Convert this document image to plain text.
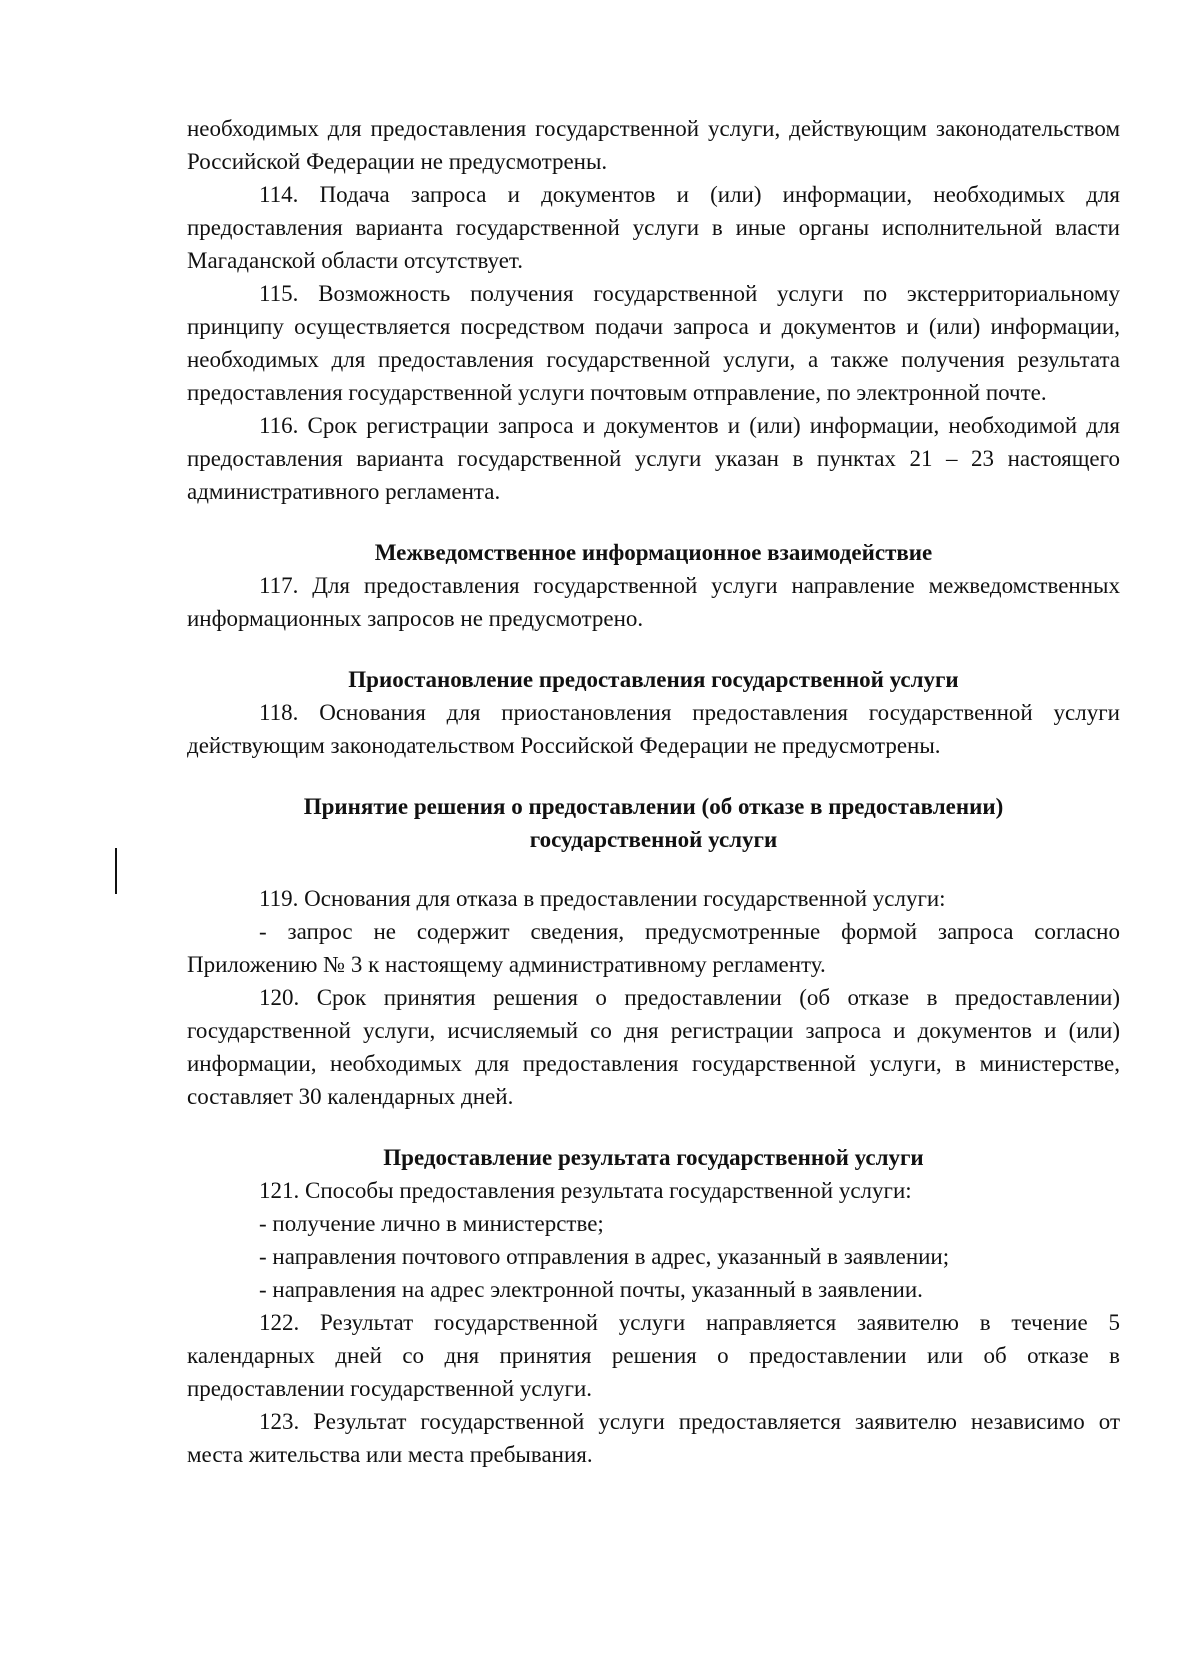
необходимых для предоставления государственной услуги, действующим законодательством Российской Федерации не предусмотрены.

114. Подача запроса и документов и (или) информации, необходимых для предоставления варианта государственной услуги в иные органы исполнительной власти Магаданской области отсутствует.

115. Возможность получения государственной услуги по экстерриториальному принципу осуществляется посредством подачи запроса и документов и (или) информации, необходимых для предоставления государственной услуги, а также получения результата предоставления государственной услуги почтовым отправление, по электронной почте.

116. Срок регистрации запроса и документов и (или) информации, необходимой для предоставления варианта государственной услуги указан в пунктах 21 – 23 настоящего административного регламента.

Межведомственное информационное взаимодействие

117. Для предоставления государственной услуги направление межведомственных информационных запросов не предусмотрено.

Приостановление предоставления государственной услуги

118. Основания для приостановления предоставления государственной услуги действующим законодательством Российской Федерации не предусмотрены.

Принятие решения о предоставлении (об отказе в предоставлении)
государственной услуги

119. Основания для отказа в предоставлении государственной услуги:

- запрос не содержит сведения, предусмотренные формой запроса согласно Приложению № 3 к настоящему административному регламенту.

120. Срок принятия решения о предоставлении (об отказе в предоставлении) государственной услуги, исчисляемый со дня регистрации запроса и документов и (или) информации, необходимых для предоставления государственной услуги, в министерстве, составляет 30 календарных дней.

Предоставление результата государственной услуги

121. Способы предоставления результата государственной услуги:

- получение лично в министерстве;

- направления почтового отправления в адрес, указанный в заявлении;

- направления на адрес электронной почты, указанный в заявлении.

122. Результат государственной услуги направляется заявителю в течение 5 календарных дней со дня принятия решения о предоставлении или об отказе в предоставлении государственной услуги.

123. Результат государственной услуги предоставляется заявителю независимо от места жительства или места пребывания.
